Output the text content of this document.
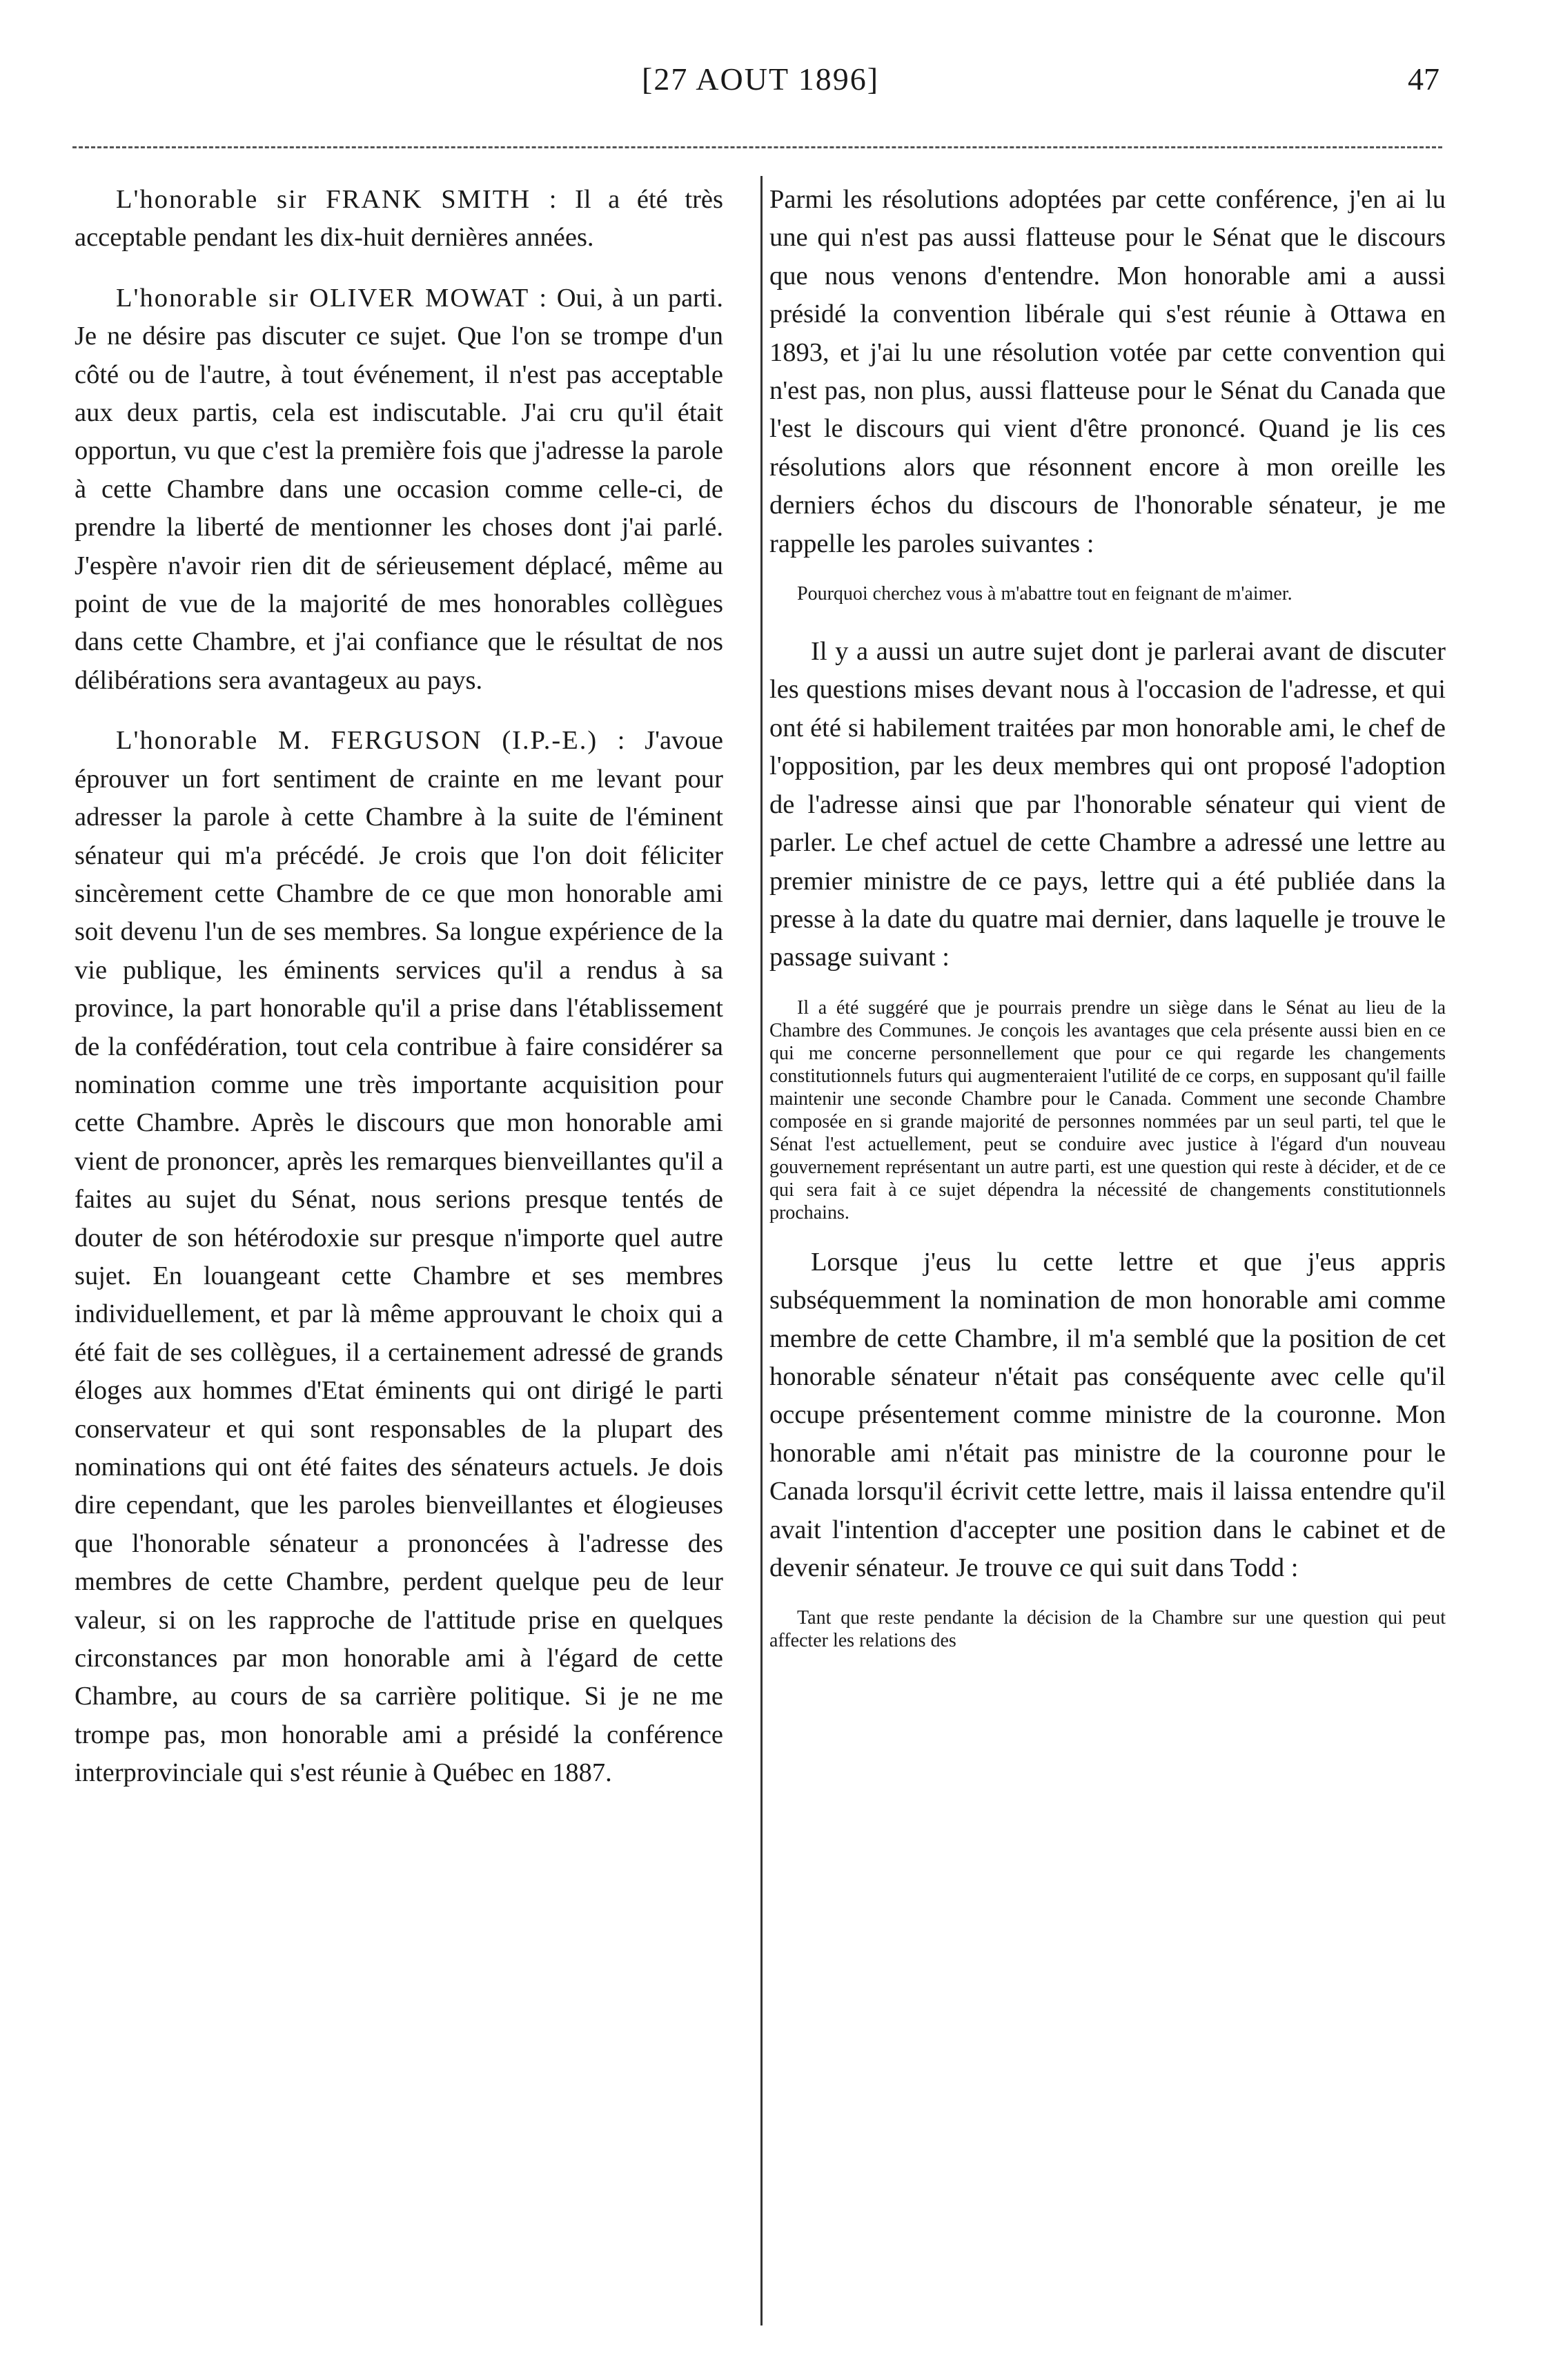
[27 AOUT 1896]	47

L'honorable sir FRANK SMITH : Il a été très acceptable pendant les dix-huit dernières années.

L'honorable sir OLIVER MOWAT : Oui, à un parti. Je ne désire pas discuter ce sujet. Que l'on se trompe d'un côté ou de l'autre, à tout événement, il n'est pas acceptable aux deux partis, cela est indiscutable. J'ai cru qu'il était opportun, vu que c'est la première fois que j'adresse la parole à cette Chambre dans une occasion comme celle-ci, de prendre la liberté de mentionner les choses dont j'ai parlé. J'espère n'avoir rien dit de sérieusement déplacé, même au point de vue de la majorité de mes honorables collègues dans cette Chambre, et j'ai confiance que le résultat de nos délibérations sera avantageux au pays.

L'honorable M. FERGUSON (I.P.-E.) : J'avoue éprouver un fort sentiment de crainte en me levant pour adresser la parole à cette Chambre à la suite de l'éminent sénateur qui m'a précédé. Je crois que l'on doit féliciter sincèrement cette Chambre de ce que mon honorable ami soit devenu l'un de ses membres. Sa longue expérience de la vie publique, les éminents services qu'il a rendus à sa province, la part honorable qu'il a prise dans l'établissement de la confédération, tout cela contribue à faire considérer sa nomination comme une très importante acquisition pour cette Chambre. Après le discours que mon honorable ami vient de prononcer, après les remarques bienveillantes qu'il a faites au sujet du Sénat, nous serions presque tentés de douter de son hétérodoxie sur presque n'importe quel autre sujet. En louangeant cette Chambre et ses membres individuellement, et par là même approuvant le choix qui a été fait de ses collègues, il a certainement adressé de grands éloges aux hommes d'Etat éminents qui ont dirigé le parti conservateur et qui sont responsables de la plupart des nominations qui ont été faites des sénateurs actuels. Je dois dire cependant, que les paroles bienveillantes et élogieuses que l'honorable sénateur a prononcées à l'adresse des membres de cette Chambre, perdent quelque peu de leur valeur, si on les rapproche de l'attitude prise en quelques circonstances par mon honorable ami à l'égard de cette Chambre, au cours de sa carrière politique. Si je ne me trompe pas, mon honorable ami a présidé la conférence interprovinciale qui s'est réunie à Québec en 1887.

Parmi les résolutions adoptées par cette conférence, j'en ai lu une qui n'est pas aussi flatteuse pour le Sénat que le discours que nous venons d'entendre. Mon honorable ami a aussi présidé la convention libérale qui s'est réunie à Ottawa en 1893, et j'ai lu une résolution votée par cette convention qui n'est pas, non plus, aussi flatteuse pour le Sénat du Canada que l'est le discours qui vient d'être prononcé. Quand je lis ces résolutions alors que résonnent encore à mon oreille les derniers échos du discours de l'honorable sénateur, je me rappelle les paroles suivantes :

Pourquoi cherchez vous à m'abattre tout en feignant de m'aimer.

Il y a aussi un autre sujet dont je parlerai avant de discuter les questions mises devant nous à l'occasion de l'adresse, et qui ont été si habilement traitées par mon honorable ami, le chef de l'opposition, par les deux membres qui ont proposé l'adoption de l'adresse ainsi que par l'honorable sénateur qui vient de parler. Le chef actuel de cette Chambre a adressé une lettre au premier ministre de ce pays, lettre qui a été publiée dans la presse à la date du quatre mai dernier, dans laquelle je trouve le passage suivant :

Il a été suggéré que je pourrais prendre un siège dans le Sénat au lieu de la Chambre des Communes. Je conçois les avantages que cela présente aussi bien en ce qui me concerne personnellement que pour ce qui regarde les changements constitutionnels futurs qui augmenteraient l'utilité de ce corps, en supposant qu'il faille maintenir une seconde Chambre pour le Canada. Comment une seconde Chambre composée en si grande majorité de personnes nommées par un seul parti, tel que le Sénat l'est actuellement, peut se conduire avec justice à l'égard d'un nouveau gouvernement représentant un autre parti, est une question qui reste à décider, et de ce qui sera fait à ce sujet dépendra la nécessité de changements constitutionnels prochains.

Lorsque j'eus lu cette lettre et que j'eus appris subséquemment la nomination de mon honorable ami comme membre de cette Chambre, il m'a semblé que la position de cet honorable sénateur n'était pas conséquente avec celle qu'il occupe présentement comme ministre de la couronne. Mon honorable ami n'était pas ministre de la couronne pour le Canada lorsqu'il écrivit cette lettre, mais il laissa entendre qu'il avait l'intention d'accepter une position dans le cabinet et de devenir sénateur. Je trouve ce qui suit dans Todd :

Tant que reste pendante la décision de la Chambre sur une question qui peut affecter les relations des
